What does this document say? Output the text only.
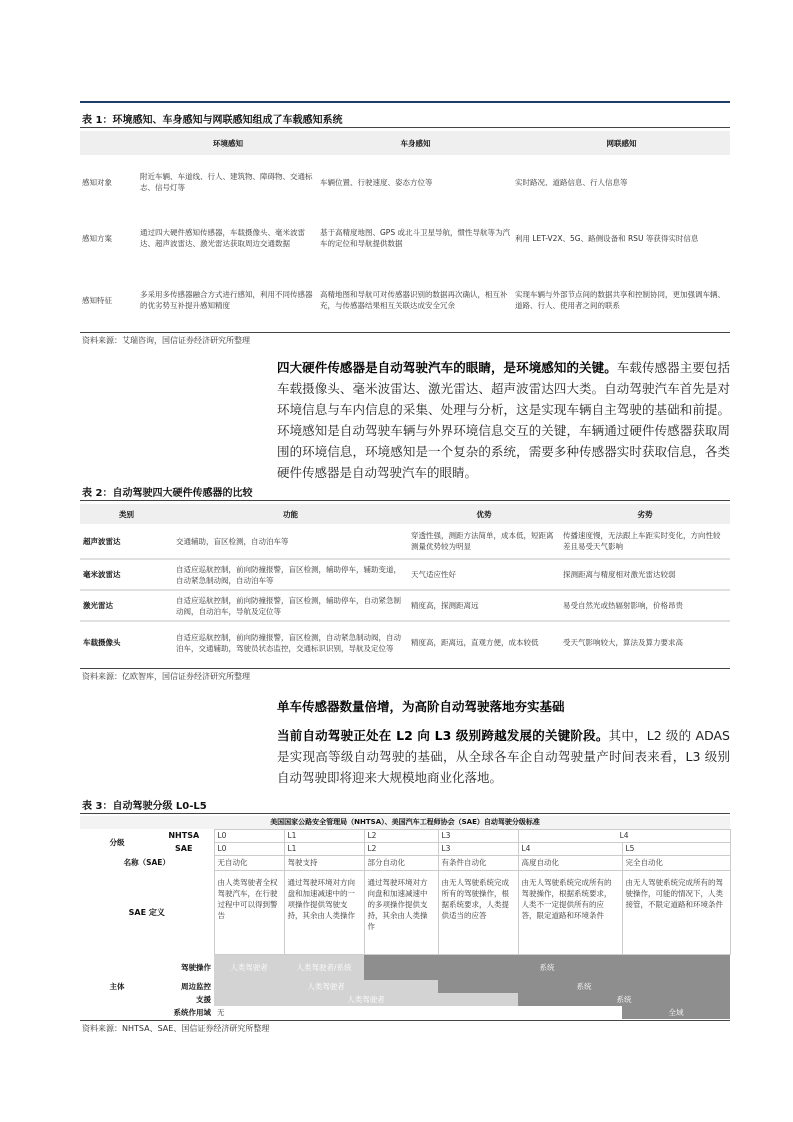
表 1：环境感知、车身感知与网联感知组成了车载感知系统
	环境感知	车身感知	网联感知
感知对象	附近车辆、车道线、行人、建筑物、障碍物、交通标志、信号灯等	车辆位置、行驶速度、姿态方位等	实时路况、道路信息、行人信息等
感知方案	通过四大硬件感知传感器，车载摄像头、毫米波雷达、超声波雷达、激光雷达获取周边交通数据	基于高精度地图、GPS 或北斗卫星导航，惯性导航等为汽车的定位和导航提供数据	利用 LET-V2X、5G、路侧设备和 RSU 等获得实时信息
感知特征	多采用多传感器融合方式进行感知，利用不同传感器的优劣势互补提升感知精度	高精地图和导航可对传感器识别的数据再次确认，相互补充，与传感器结果相互关联达成安全冗余	实现车辆与外部节点间的数据共享和控制协同，更加强调车辆、道路、行人、使用者之间的联系
资料来源：艾瑞咨询，国信证券经济研究所整理
四大硬件传感器是自动驾驶汽车的眼睛，是环境感知的关键。车载传感器主要包括车载摄像头、毫米波雷达、激光雷达、超声波雷达四大类。自动驾驶汽车首先是对环境信息与车内信息的采集、处理与分析，这是实现车辆自主驾驶的基础和前提。环境感知是自动驾驶车辆与外界环境信息交互的关键，车辆通过硬件传感器获取周围的环境信息，环境感知是一个复杂的系统，需要多种传感器实时获取信息，各类硬件传感器是自动驾驶汽车的眼睛。
表 2：自动驾驶四大硬件传感器的比较
类别	功能	优势	劣势
超声波雷达	交通辅助，盲区检测，自动泊车等	穿透性强，测距方法简单，成本低，短距离测量优势较为明显	传播速度慢，无法跟上车距实时变化，方向性较差且易受天气影响
毫米波雷达	自适应巡航控制，前向防撞报警，盲区检测，辅助停车，辅助变道，自动紧急制动阀，自动泊车等	天气适应性好	探测距离与精度相对激光雷达较弱
激光雷达	自适应巡航控制，前向防撞报警，盲区检测，辅助停车，自动紧急制动阀，自动泊车，导航及定位等	精度高，探测距离远	易受自然光或热辐射影响，价格昂贵
车载摄像头	自适应巡航控制，前向防撞报警，盲区检测，自动紧急制动阀，自动泊车，交通辅助，驾驶员状态监控，交通标识识别，导航及定位等	精度高，距离远，直观方便，成本较低	受天气影响较大，算法及算力要求高
资料来源：亿欧智库，国信证券经济研究所整理
单车传感器数量倍增，为高阶自动驾驶落地夯实基础
当前自动驾驶正处在 L2 向 L3 级别跨越发展的关键阶段。其中，L2 级的 ADAS 是实现高等级自动驾驶的基础，从全球各车企自动驾驶量产时间表来看，L3 级别自动驾驶即将迎来大规模地商业化落地。
表 3：自动驾驶分级 L0-L5
美国国家公路安全管理局（NHTSA）、美国汽车工程师协会（SAE）自动驾驶分级标准							
分级	NHTSA	L0	L1	L2	L3	L4	
	SAE	L0	L1	L2	L3	L4	L5
名称（SAE）		无自动化	驾驶支持	部分自动化	有条件自动化	高度自动化	完全自动化
SAE 定义		由人类驾驶者全权驾驶汽车，在行驶过程中可以得到警告	通过驾驶环境对方向盘和加速减速中的一项操作提供驾驶支持，其余由人类操作	通过驾驶环境对方向盘和加速减速中的多项操作提供支持，其余由人类操作	由无人驾驶系统完成所有的驾驶操作，根据系统要求，人类提供适当的应答	由无人驾驶系统完成所有的驾驶操作，根据系统要求，人类不一定提供所有的应答，限定道路和环境条件	由无人驾驶系统完成所有的驾驶操作，可能的情况下，人类接管，不限定道路和环境条件
主体	驾驶操作	人类驾驶者	人类驾驶者/系统	系统			
	周边监控	人类驾驶者			系统		
	支援	人类驾驶者				系统	
	系统作用域	无					全域
资料来源：NHTSA、SAE、国信证券经济研究所整理
